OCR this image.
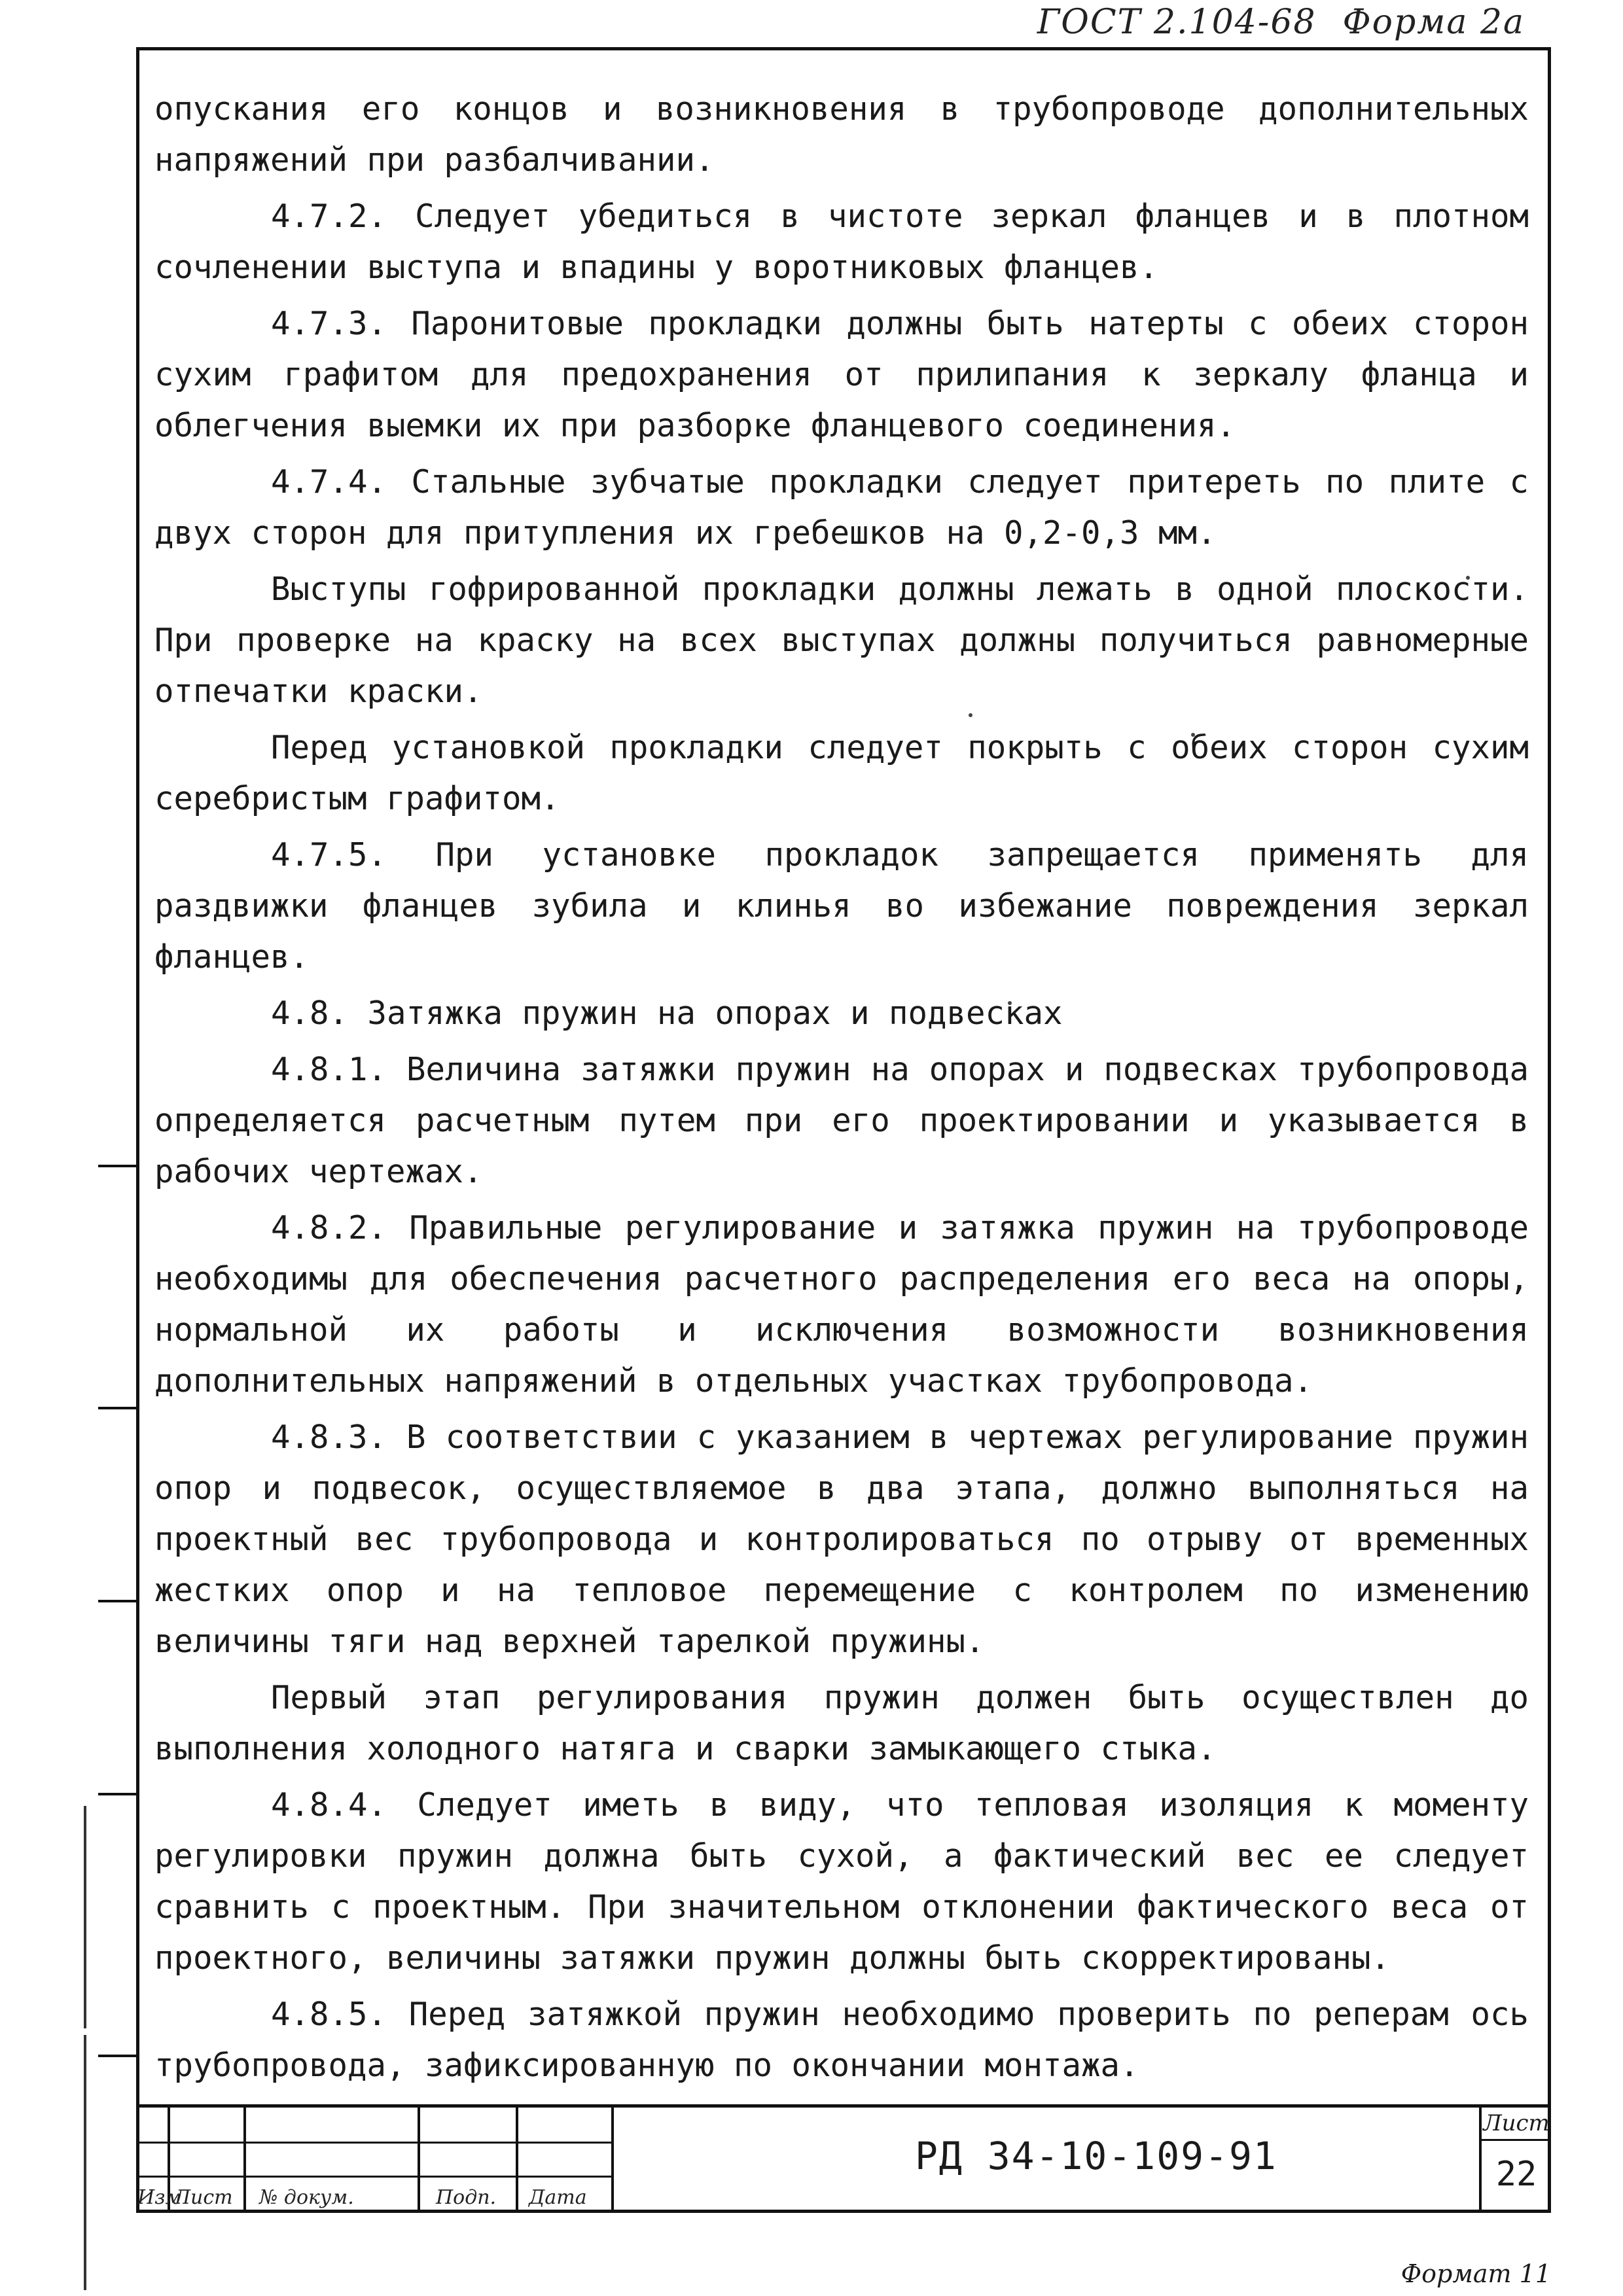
ГОСТ 2.104-68 Форма 2а

опускания его концов и возникновения в трубопроводе дополнительных напряжений при разбалчивании.

4.7.2. Следует убедиться в чистоте зеркал фланцев и в плотном сочленении выступа и впадины у воротниковых фланцев.

4.7.3. Паронитовые прокладки должны быть натерты с обеих сторон сухим графитом для предохранения от прилипания к зеркалу фланца и облегчения выемки их при разборке фланцевого соединения.

4.7.4. Стальные зубчатые прокладки следует притереть по плите с двух сторон для притупления их гребешков на 0,2-0,3 мм.

Выступы гофрированной прокладки должны лежать в одной плоскости. При проверке на краску на всех выступах должны получиться равномерные отпечатки краски.

Перед установкой прокладки следует покрыть с обеих сторон сухим серебристым графитом.

4.7.5. При установке прокладок запрещается применять для раздвижки фланцев зубила и клинья во избежание повреждения зеркал фланцев.

4.8. Затяжка пружин на опорах и подвесках

4.8.1. Величина затяжки пружин на опорах и подвесках трубопровода определяется расчетным путем при его проектировании и указывается в рабочих чертежах.

4.8.2. Правильные регулирование и затяжка пружин на трубопроводе необходимы для обеспечения расчетного распределения его веса на опоры, нормальной их работы и исключения возможности возникновения дополнительных напряжений в отдельных участках трубопровода.

4.8.3. В соответствии с указанием в чертежах регулирование пружин опор и подвесок, осуществляемое в два этапа, должно выполняться на проектный вес трубопровода и контролироваться по отрыву от временных жестких опор и на тепловое перемещение с контролем по изменению величины тяги над верхней тарелкой пружины.

Первый этап регулирования пружин должен быть осуществлен до выполнения холодного натяга и сварки замыкающего стыка.

4.8.4. Следует иметь в виду, что тепловая изоляция к моменту регулировки пружин должна быть сухой, а фактический вес ее следует сравнить с проектным. При значительном отклонении фактического веса от проектного, величины затяжки пружин должны быть скорректированы.

4.8.5. Перед затяжкой пружин необходимо проверить по реперам ось трубопровода, зафиксированную по окончании монтажа.

Изм
Лист № докум.	Подп. Дата
РД 34-10-109-91
Лист
22
Формат 11
